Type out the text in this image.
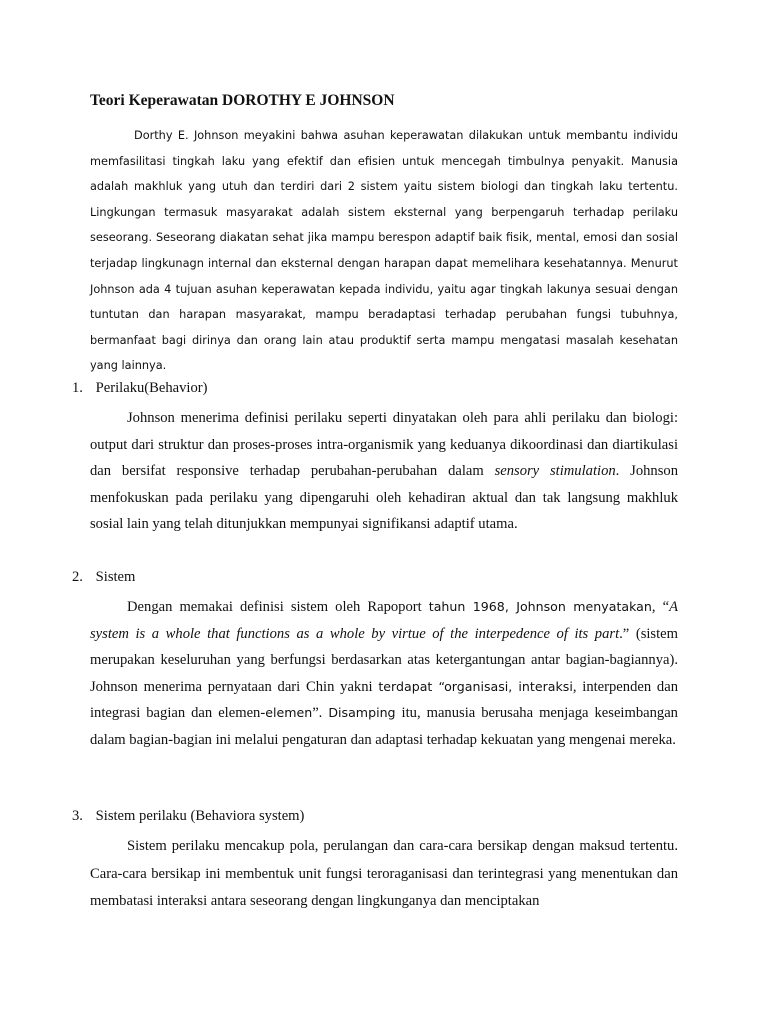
Teori Keperawatan DOROTHY E JOHNSON

Dorthy E. Johnson meyakini bahwa asuhan keperawatan dilakukan untuk membantu individu memfasilitasi tingkah laku yang efektif dan efisien untuk mencegah timbulnya penyakit. Manusia adalah makhluk yang utuh dan terdiri dari 2 sistem yaitu sistem biologi dan tingkah laku tertentu. Lingkungan termasuk masyarakat adalah sistem eksternal yang berpengaruh terhadap perilaku seseorang. Seseorang diakatan sehat jika mampu berespon adaptif baik fisik, mental, emosi dan sosial terjadap lingkunagn internal dan eksternal dengan harapan dapat memelihara kesehatannya. Menurut Johnson ada 4 tujuan asuhan keperawatan kepada individu, yaitu agar tingkah lakunya sesuai dengan tuntutan dan harapan masyarakat, mampu beradaptasi terhadap perubahan fungsi tubuhnya, bermanfaat bagi dirinya dan orang lain atau produktif serta mampu mengatasi masalah kesehatan yang lainnya.

1. Perilaku(Behavior)

Johnson menerima definisi perilaku seperti dinyatakan oleh para ahli perilaku dan biologi: output dari struktur dan proses-proses intra-organismik yang keduanya dikoordinasi dan diartikulasi dan bersifat responsive terhadap perubahan-perubahan dalam sensory stimulation. Johnson menfokuskan pada perilaku yang dipengaruhi oleh kehadiran aktual dan tak langsung makhluk sosial lain yang telah ditunjukkan mempunyai signifikansi adaptif utama.

2. Sistem

Dengan memakai definisi sistem oleh Rapoport tahun 1968, Johnson menyatakan, “A system is a whole that functions as a whole by virtue of the interpedence of its part.” (sistem merupakan keseluruhan yang berfungsi berdasarkan atas ketergantungan antar bagian-bagiannya). Johnson menerima pernyataan dari Chin yakni terdapat “organisasi, interaksi, interpenden dan integrasi bagian dan elemen-elemen”. Disamping itu, manusia berusaha menjaga keseimbangan dalam bagian-bagian ini melalui pengaturan dan adaptasi terhadap kekuatan yang mengenai mereka.

3. Sistem perilaku (Behaviora system)

Sistem perilaku mencakup pola, perulangan dan cara-cara bersikap dengan maksud tertentu. Cara-cara bersikap ini membentuk unit fungsi teroraganisasi dan terintegrasi yang menentukan dan membatasi interaksi antara seseorang dengan lingkunganya dan menciptakan
